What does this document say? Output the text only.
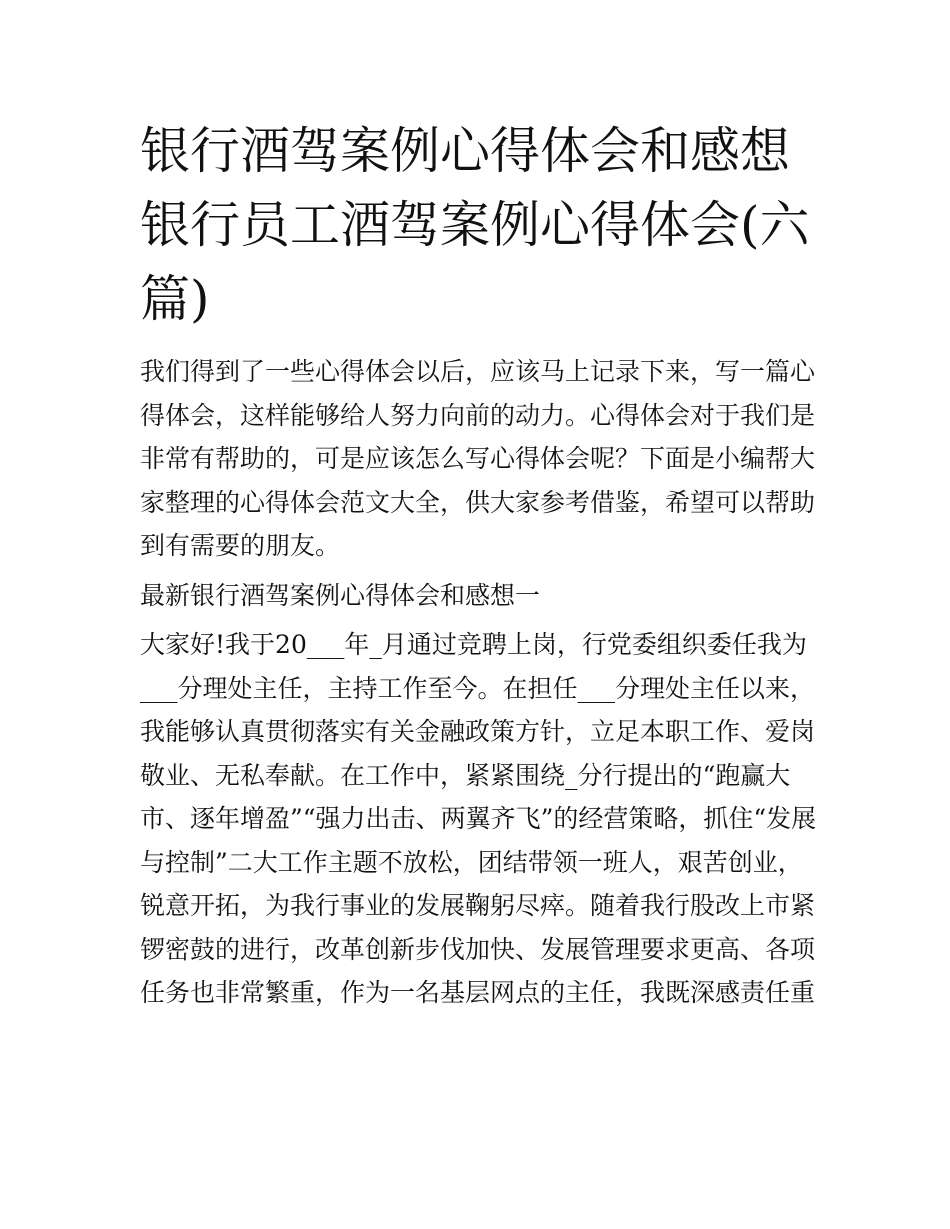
银行酒驾案例心得体会和感想
银行员工酒驾案例心得体会(六
篇)

我们得到了一些心得体会以后，应该马上记录下来，写一篇心
得体会，这样能够给人努力向前的动力。心得体会对于我们是
非常有帮助的，可是应该怎么写心得体会呢？下面是小编帮大
家整理的心得体会范文大全，供大家参考借鉴，希望可以帮助
到有需要的朋友。

最新银行酒驾案例心得体会和感想一

大家好!我于20___年_月通过竞聘上岗，行党委组织委任我为
___分理处主任，主持工作至今。在担任___分理处主任以来，
我能够认真贯彻落实有关金融政策方针，立足本职工作、爱岗
敬业、无私奉献。在工作中，紧紧围绕_分行提出的“跑赢大
市、逐年增盈”“强力出击、两翼齐飞”的经营策略，抓住“发展
与控制”二大工作主题不放松，团结带领一班人，艰苦创业，
锐意开拓，为我行事业的发展鞠躬尽瘁。随着我行股改上市紧
锣密鼓的进行，改革创新步伐加快、发展管理要求更高、各项
任务也非常繁重，作为一名基层网点的主任，我既深感责任重
